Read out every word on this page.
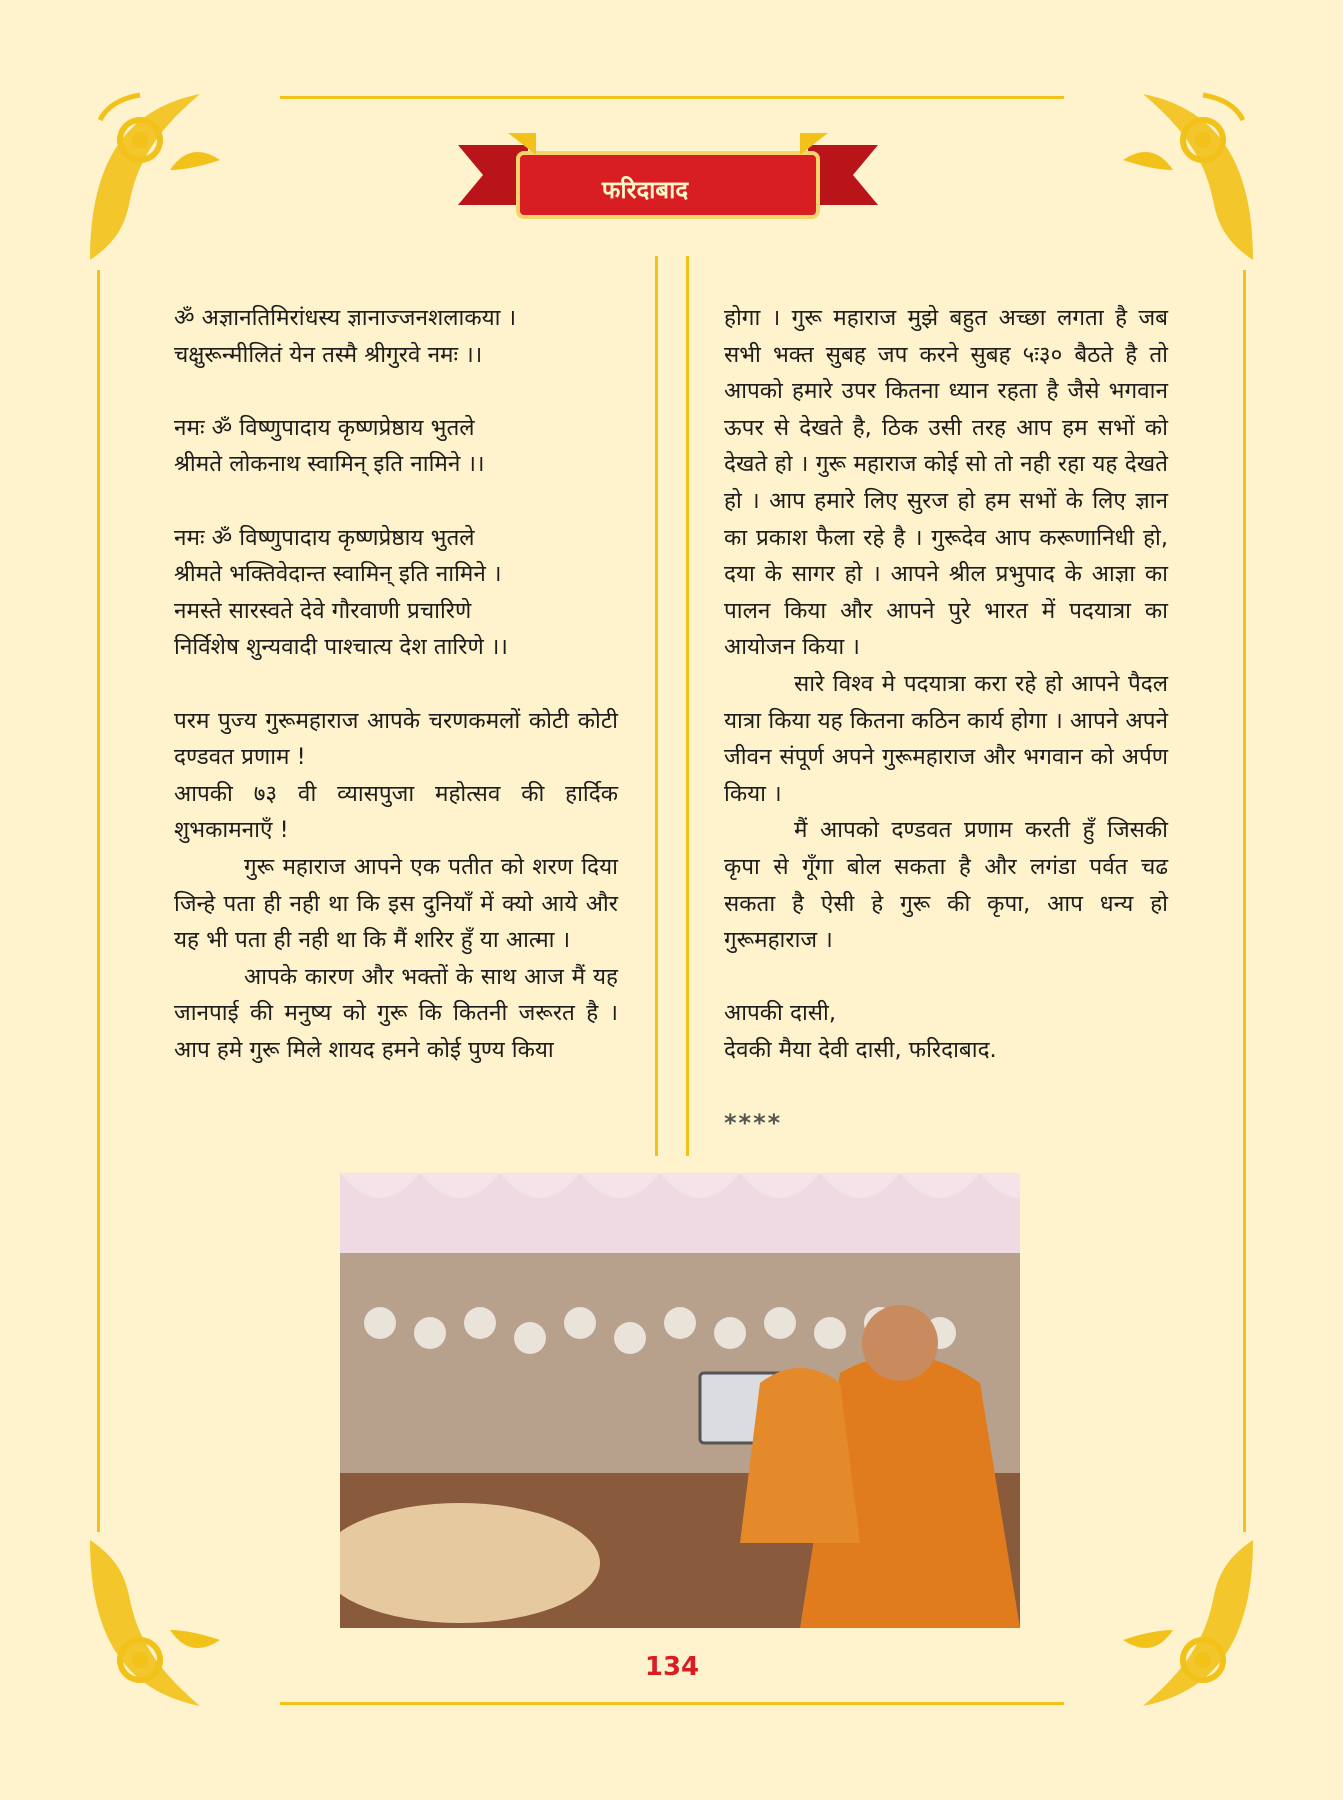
फरिदाबाद

ॐ अज्ञानतिमिरांधस्य ज्ञानाज्जनशलाकया ।

चक्षुरून्मीलितं येन तस्मै श्रीगुरवे नमः ।।

नमः ॐ विष्णुपादाय कृष्णप्रेष्ठाय भुतले

श्रीमते लोकनाथ स्वामिन् इति नामिने ।।

नमः ॐ विष्णुपादाय कृष्णप्रेष्ठाय भुतले

श्रीमते भक्तिवेदान्त स्वामिन् इति नामिने ।

नमस्ते सारस्वते देवे गौरवाणी प्रचारिणे

निर्विशेष शुन्यवादी पाश्चात्य देश तारिणे ।।

परम पुज्य गुरूमहाराज आपके चरणकमलों कोटी कोटी दण्डवत प्रणाम !

आपकी ७३ वी व्यासपुजा महोत्सव की हार्दिक शुभकामनाएँ !

गुरू महाराज आपने एक पतीत को शरण दिया जिन्हे पता ही नही था कि इस दुनियाँ में क्यो आये और यह भी पता ही नही था कि मैं शरिर हुँ या आत्मा ।

आपके कारण और भक्तों के साथ आज मैं यह जानपाई की मनुष्य को गुरू कि कितनी जरूरत है । आप हमे गुरू मिले शायद हमने कोई पुण्य किया

होगा । गुरू महाराज मुझे बहुत अच्छा लगता है जब सभी भक्त सुबह जप करने सुबह ५ः३० बैठते है तो आपको हमारे उपर कितना ध्यान रहता है जैसे भगवान ऊपर से देखते है, ठिक उसी तरह आप हम सभों को देखते हो । गुरू महाराज कोई सो तो नही रहा यह देखते हो । आप हमारे लिए सुरज हो हम सभों के लिए ज्ञान का प्रकाश फैला रहे है । गुरूदेव आप करूणानिधी हो, दया के सागर हो । आपने श्रील प्रभुपाद के आज्ञा का पालन किया और आपने पुरे भारत में पदयात्रा का आयोजन किया ।

सारे विश्व मे पदयात्रा करा रहे हो आपने पैदल यात्रा किया यह कितना कठिन कार्य होगा । आपने अपने जीवन संपूर्ण अपने गुरूमहाराज और भगवान को अर्पण किया ।

मैं आपको दण्डवत प्रणाम करती हुँ जिसकी कृपा से गूँगा बोल सकता है और लगंडा पर्वत चढ सकता है ऐसी हे गुरू की कृपा, आप धन्य हो गुरूमहाराज ।

आपकी दासी,

देवकी मैया देवी दासी, फरिदाबाद.

****

134
